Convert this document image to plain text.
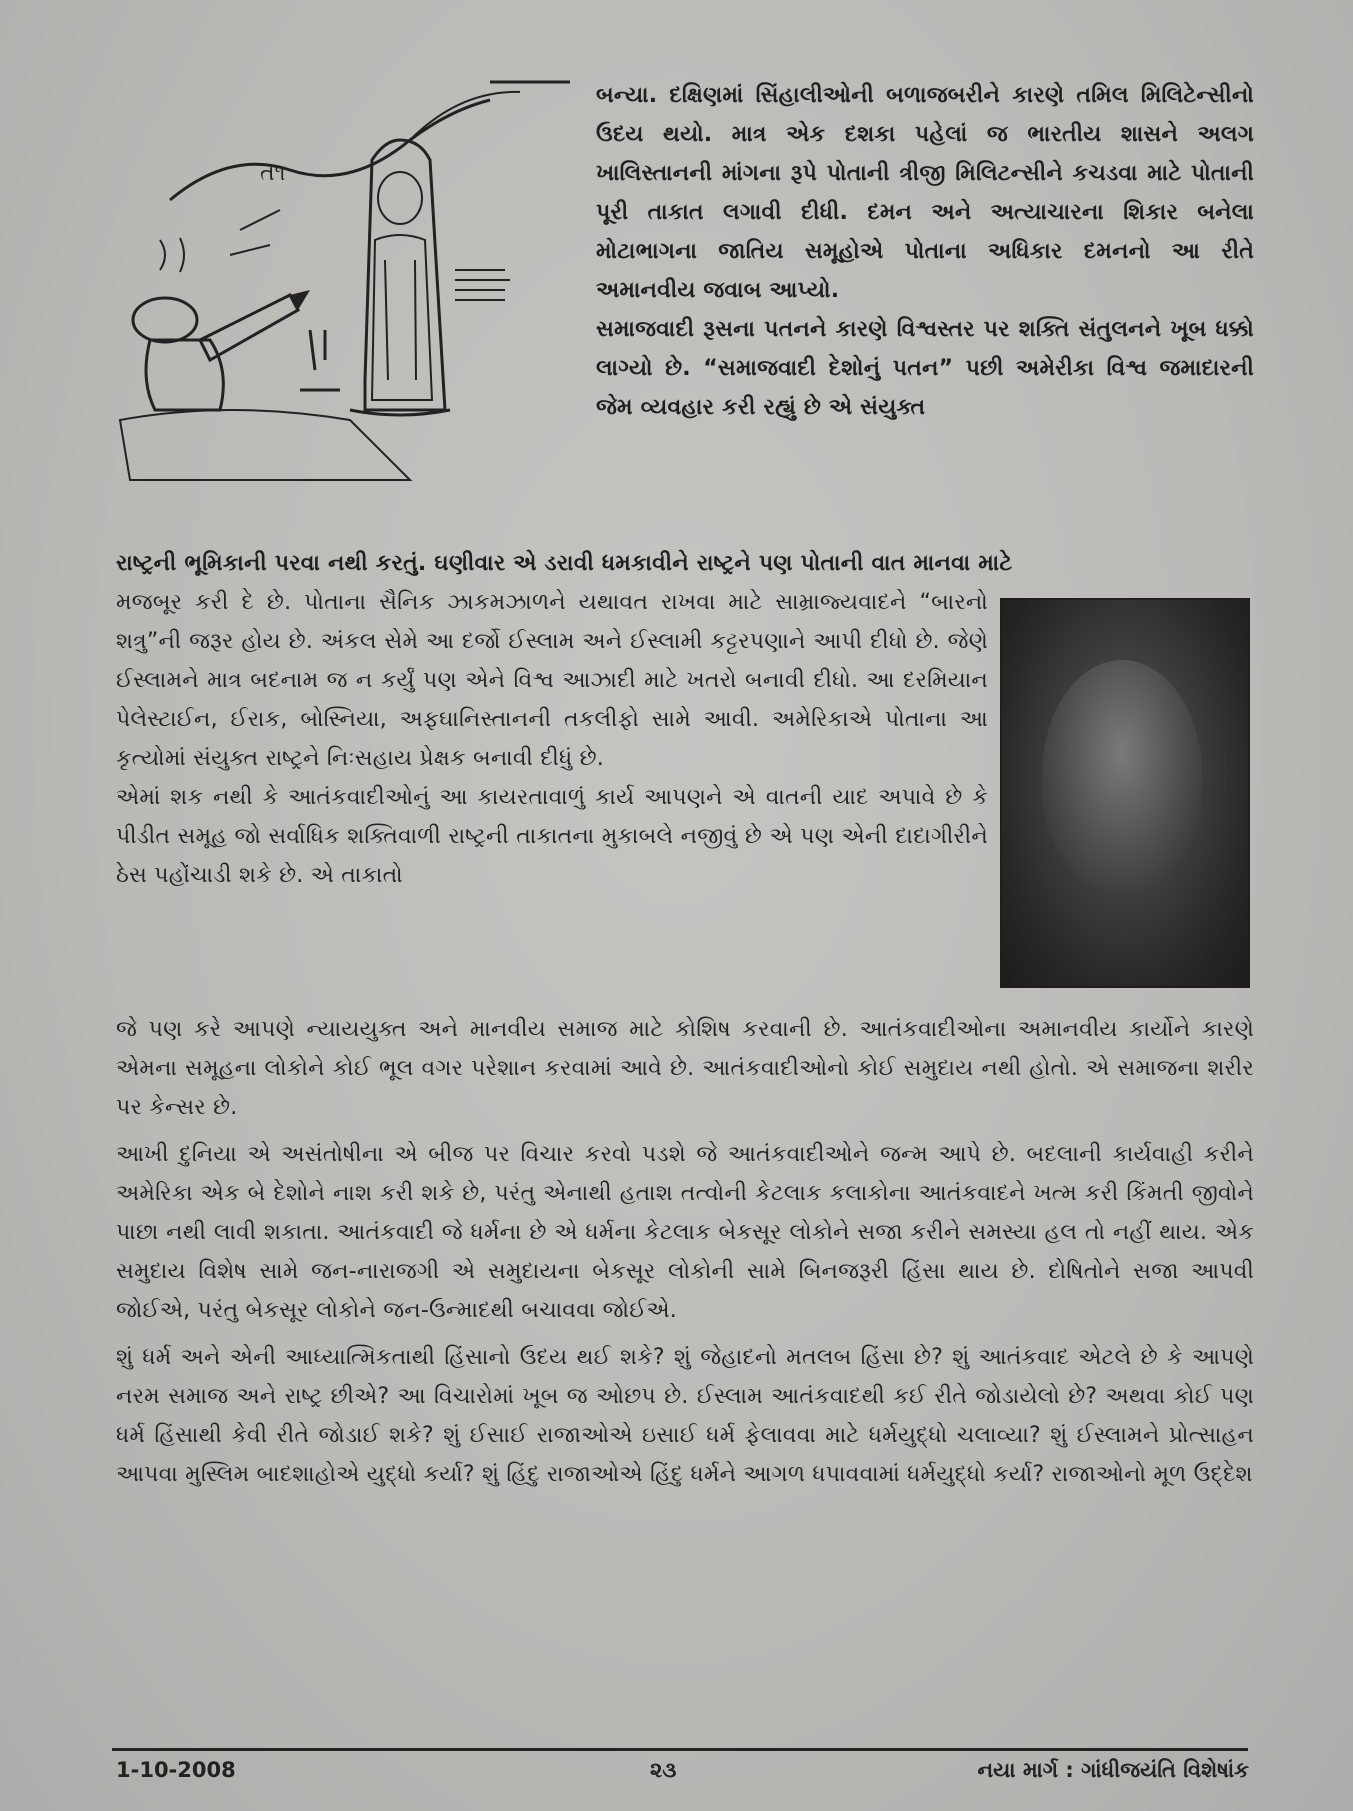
ત૧

બન્યા. દક્ષિણમાં સિંહાલીઓની બળાજબરીને કારણે તમિલ મિલિટેન્સીનો ઉદય થયો. માત્ર એક દશકા પહેલાં જ ભારતીય શાસને અલગ ખાલિસ્તાનની માંગના રૂપે પોતાની ત્રીજી મિલિટન્સીને કચડવા માટે પોતાની પૂરી તાકાત લગાવી દીધી. દમન અને અત્યાચારના શિકાર બનેલા મોટાભાગના જાતિય સમૂહોએ પોતાના અધિકાર દમનનો આ રીતે અમાનવીય જવાબ આપ્યો.

સમાજવાદી રૂસના પતનને કારણે વિશ્વસ્તર પર શક્તિ સંતુલનને ખૂબ ધક્કો લાગ્યો છે. “સમાજવાદી દેશોનું પતન” પછી અમેરીકા વિશ્વ જમાદારની જેમ વ્યવહાર કરી રહ્યું છે એ સંયુક્ત

રાષ્ટ્રની ભૂમિકાની પરવા નથી કરતું. ઘણીવાર એ ડરાવી ધમકાવીને રાષ્ટ્રને પણ પોતાની વાત માનવા માટે

મજબૂર કરી દે છે. પોતાના સૈનિક ઝાકમઝાળને યથાવત રાખવા માટે સામ્રાજ્યવાદને “બારનો શત્રુ”ની જરૂર હોય છે. અંકલ સેમે આ દર્જો ઈસ્લામ અને ઈસ્લામી કટ્ટરપણાને આપી દીધો છે. જેણે ઈસ્લામને માત્ર બદનામ જ ન કર્યું પણ એને વિશ્વ આઝાદી માટે ખતરો બનાવી દીધો. આ દરમિયાન પેલેસ્ટાઈન, ઈરાક, બોસ્નિયા, અફઘાનિસ્તાનની તકલીફો સામે આવી. અમેરિકાએ પોતાના આ કૃત્યોમાં સંયુક્ત રાષ્ટ્રને નિઃસહાય પ્રેક્ષક બનાવી દીધું છે.

એમાં શક નથી કે આતંકવાદીઓનું આ કાયરતાવાળું કાર્ય આપણને એ વાતની યાદ અપાવે છે કે પીડીત સમૂહ જો સર્વાધિક શક્તિવાળી રાષ્ટ્રની તાકાતના મુકાબલે નજીવું છે એ પણ એની દાદાગીરીને ઠેસ પહોંચાડી શકે છે. એ તાકાતો

જે પણ કરે આપણે ન્યાયયુક્ત અને માનવીય સમાજ માટે કોશિષ કરવાની છે. આતંકવાદીઓના અમાનવીય કાર્યોને કારણે એમના સમૂહના લોકોને કોઈ ભૂલ વગર પરેશાન કરવામાં આવે છે. આતંકવાદીઓનો કોઈ સમુદાય નથી હોતો. એ સમાજના શરીર પર કેન્સર છે.

આખી દુનિયા એ અસંતોષીના એ બીજ પર વિચાર કરવો પડશે જે આતંકવાદીઓને જન્મ આપે છે. બદલાની કાર્યવાહી કરીને અમેરિકા એક બે દેશોને નાશ કરી શકે છે, પરંતુ એનાથી હતાશ તત્વોની કેટલાક કલાકોના આતંકવાદને ખત્મ કરી કિંમતી જીવોને પાછા નથી લાવી શકાતા. આતંકવાદી જે ધર્મના છે એ ધર્મના કેટલાક બેકસૂર લોકોને સજા કરીને સમસ્યા હલ તો નહીં થાય. એક સમુદાય વિશેષ સામે જન-નારાજગી એ સમુદાયના બેકસૂર લોકોની સામે બિનજરૂરી હિંસા થાય છે. દોષિતોને સજા આપવી જોઈએ, પરંતુ બેકસૂર લોકોને જન-ઉન્માદથી બચાવવા જોઈએ.

શું ધર્મ અને એની આધ્યાત્મિકતાથી હિંસાનો ઉદય થઈ શકે? શું જેહાદનો મતલબ હિંસા છે? શું આતંકવાદ એટલે છે કે આપણે નરમ સમાજ અને રાષ્ટ્ર છીએ? આ વિચારોમાં ખૂબ જ ઓછપ છે. ઈસ્લામ આતંકવાદથી કઈ રીતે જોડાયેલો છે? અથવા કોઈ પણ ધર્મ હિંસાથી કેવી રીતે જોડાઈ શકે? શું ઈસાઈ રાજાઓએ ઇસાઈ ધર્મ ફેલાવવા માટે ધર્મયુદ્ધો ચલાવ્યા? શું ઈસ્લામને પ્રોત્સાહન આપવા મુસ્લિમ બાદશાહોએ યુદ્ધો કર્યા? શું હિંદુ રાજાઓએ હિંદુ ધર્મને આગળ ધપાવવામાં ધર્મયુદ્ધો કર્યા? રાજાઓનો મૂળ ઉદ્દેશ

1-10-2008	૨૩	નયા માર્ગ : ગાંધીજયંતિ વિશેષાંક
